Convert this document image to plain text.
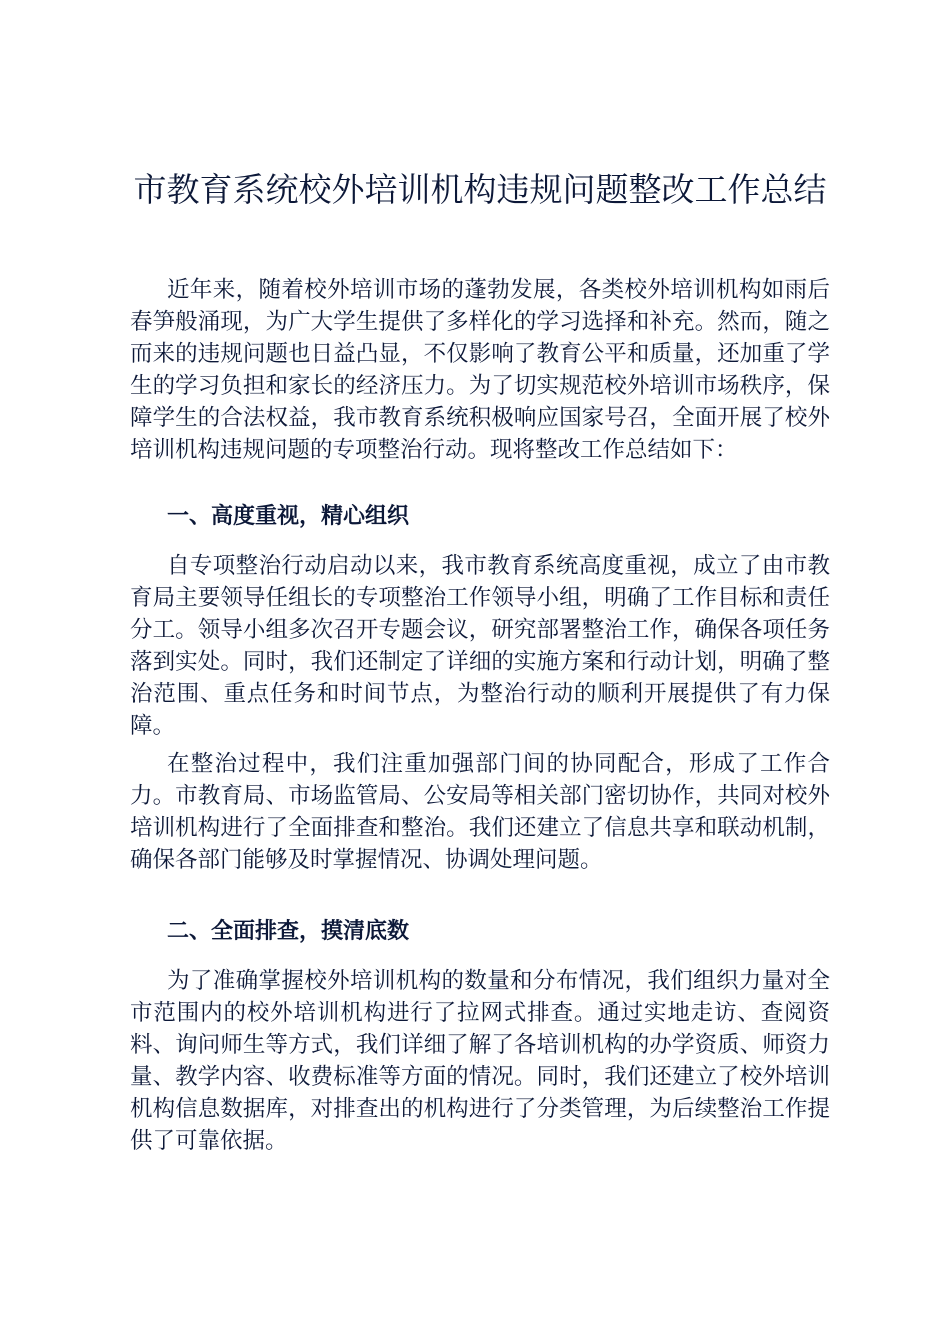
市教育系统校外培训机构违规问题整改工作总结

近年来，随着校外培训市场的蓬勃发展，各类校外培训机构如雨后春笋般涌现，为广大学生提供了多样化的学习选择和补充。然而，随之而来的违规问题也日益凸显，不仅影响了教育公平和质量，还加重了学生的学习负担和家长的经济压力。为了切实规范校外培训市场秩序，保障学生的合法权益，我市教育系统积极响应国家号召，全面开展了校外培训机构违规问题的专项整治行动。现将整改工作总结如下：

一、高度重视，精心组织

自专项整治行动启动以来，我市教育系统高度重视，成立了由市教育局主要领导任组长的专项整治工作领导小组，明确了工作目标和责任分工。领导小组多次召开专题会议，研究部署整治工作，确保各项任务落到实处。同时，我们还制定了详细的实施方案和行动计划，明确了整治范围、重点任务和时间节点，为整治行动的顺利开展提供了有力保障。

在整治过程中，我们注重加强部门间的协同配合，形成了工作合力。市教育局、市场监管局、公安局等相关部门密切协作，共同对校外培训机构进行了全面排查和整治。我们还建立了信息共享和联动机制，确保各部门能够及时掌握情况、协调处理问题。

二、全面排查，摸清底数

为了准确掌握校外培训机构的数量和分布情况，我们组织力量对全市范围内的校外培训机构进行了拉网式排查。通过实地走访、查阅资料、询问师生等方式，我们详细了解了各培训机构的办学资质、师资力量、教学内容、收费标准等方面的情况。同时，我们还建立了校外培训机构信息数据库，对排查出的机构进行了分类管理，为后续整治工作提供了可靠依据。
